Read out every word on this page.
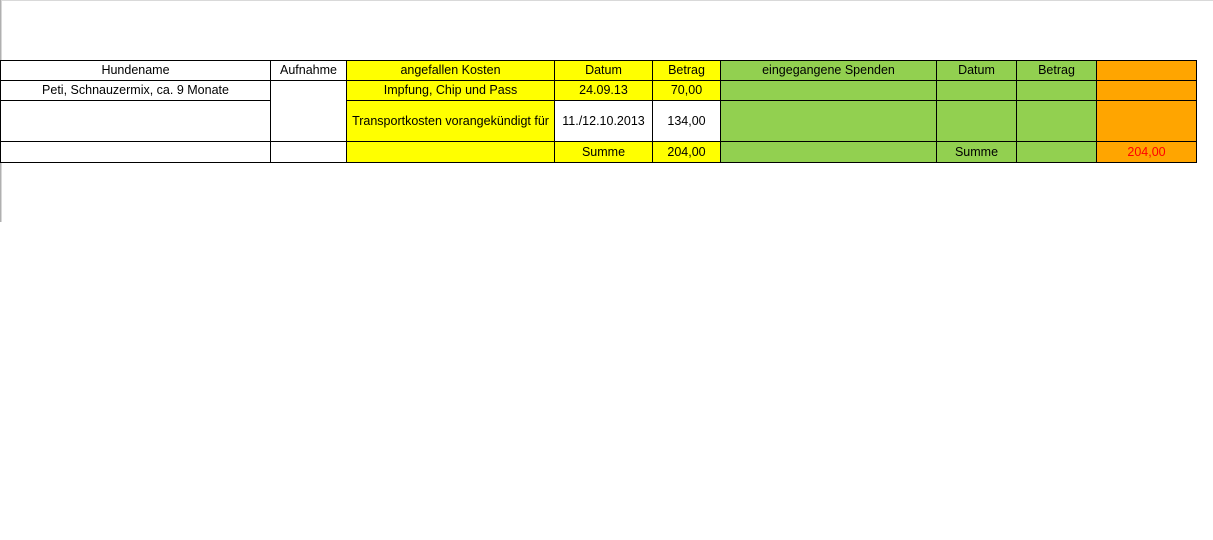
Hundename	Aufnahme	angefallen Kosten	Datum	Betrag	eingegangene Spenden	Datum	Betrag	
Peti, Schnauzermix, ca. 9 Monate		Impfung, Chip und Pass	24.09.13	70,00				
		Transportkosten vorangekündigt für	11./12.10.2013	134,00				
			Summe	204,00		Summe		204,00
